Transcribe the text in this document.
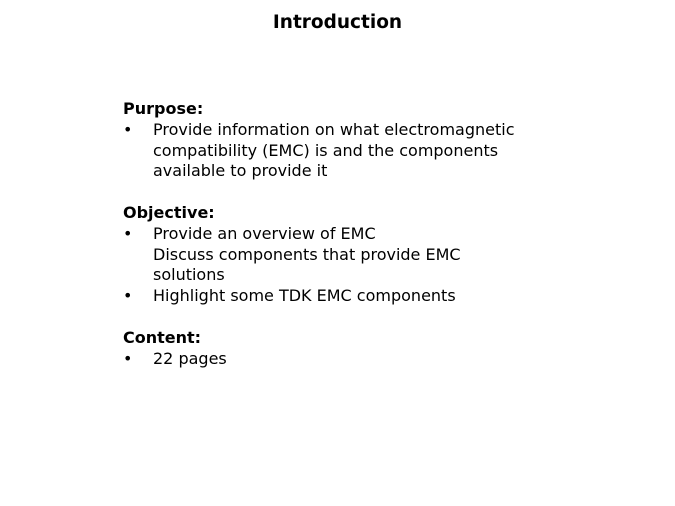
Introduction
Purpose:
•	Provide information on what electromagnetic
compatibility (EMC) is and the components
available to provide it
Objective:
•	Provide an overview of EMC
Discuss components that provide EMC
solutions
•	Highlight some TDK EMC components
Content:
•	22 pages
